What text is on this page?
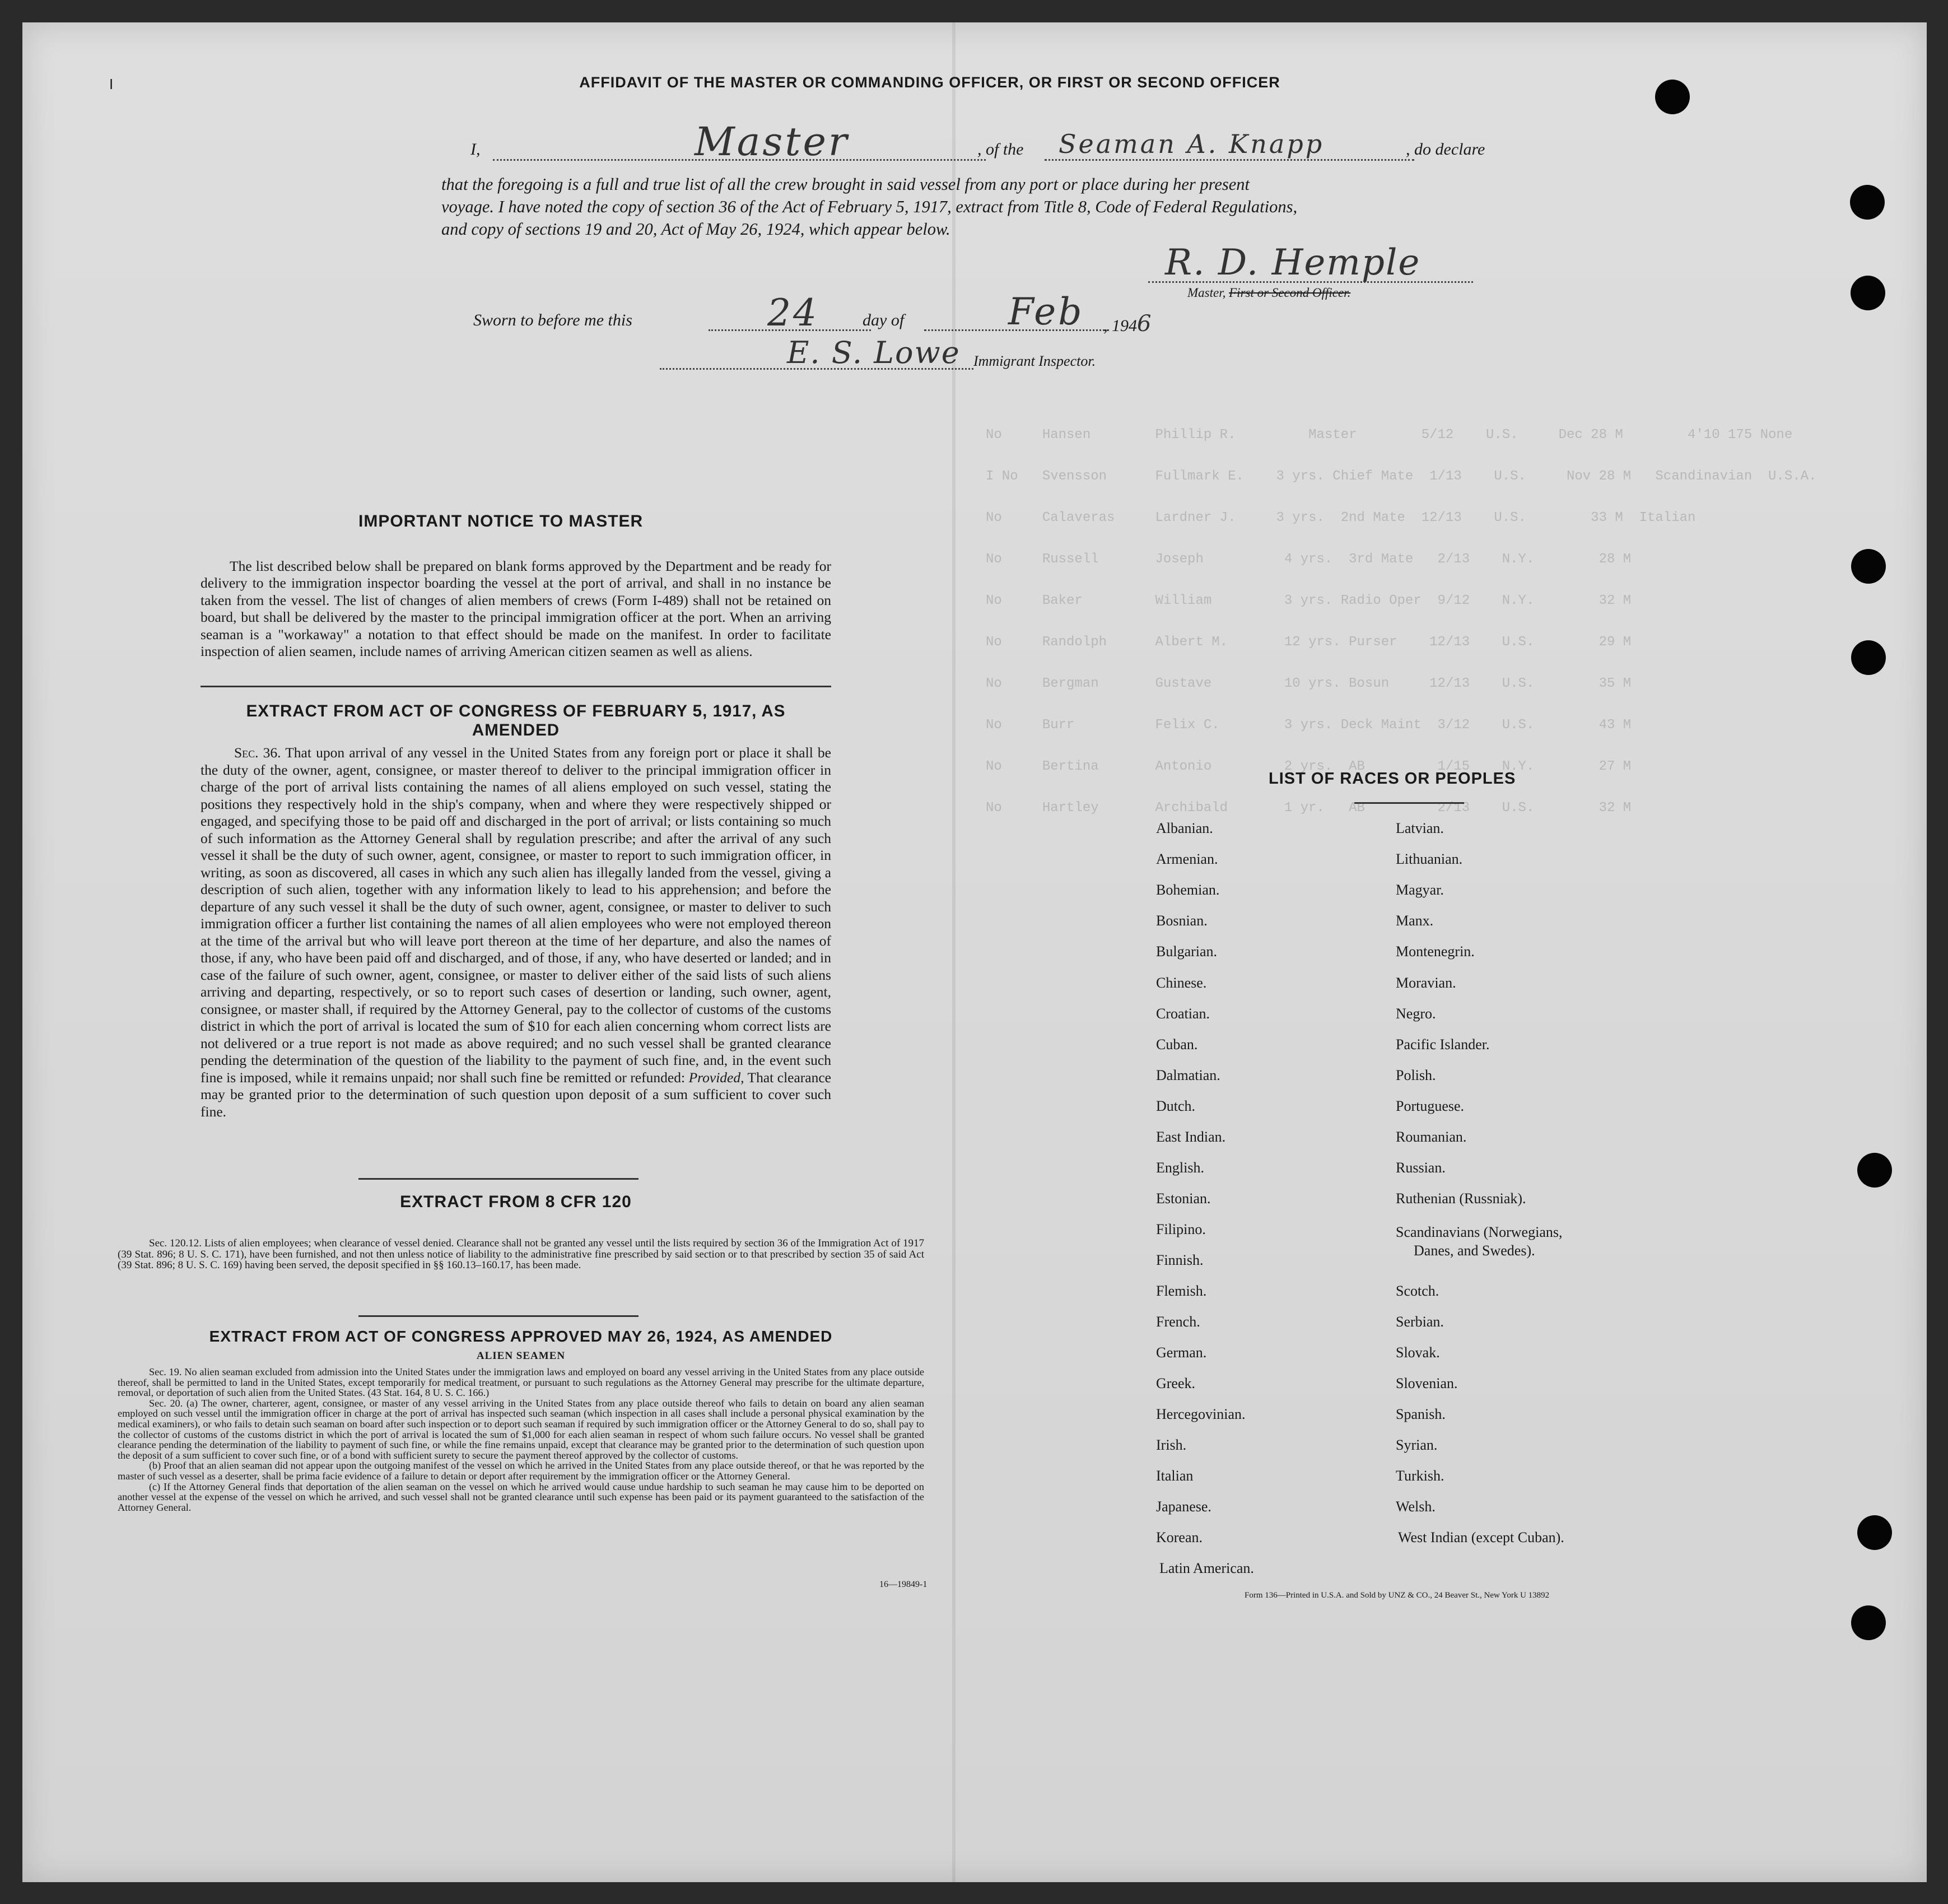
No     Hansen        Phillip R.         Master        5/12    U.S.     Dec 28 M        4'10 175 None
I No   Svensson      Fullmark E.    3 yrs. Chief Mate  1/13    U.S.     Nov 28 M   Scandinavian  U.S.A.
No     Calaveras     Lardner J.     3 yrs.  2nd Mate  12/13    U.S.        33 M  Italian
No     Russell       Joseph          4 yrs.  3rd Mate   2/13    N.Y.        28 M
No     Baker         William         3 yrs. Radio Oper  9/12    N.Y.        32 M
No     Randolph      Albert M.       12 yrs. Purser    12/13    U.S.        29 M
No     Bergman       Gustave         10 yrs. Bosun     12/13    U.S.        35 M
No     Burr          Felix C.        3 yrs. Deck Maint  3/12    U.S.        43 M
No     Bertina       Antonio         2 yrs.  AB         1/15    N.Y.        27 M
No     Hartley       Archibald       1 yr.   AB         2/13    U.S.        32 M
I	AFFIDAVIT OF THE MASTER OR COMMANDING OFFICER, OR FIRST OR SECOND OFFICER
I,	Master	, of the Seaman A. Knapp	, do declare
that the foregoing is a full and true list of all the crew brought in said vessel from any port or place during her present
voyage. I have noted the copy of section 36 of the Act of February 5, 1917, extract from Title 8, Code of Federal Regulations,
and copy of sections 19 and 20, Act of May 26, 1924, which appear below.
R. D. Hemple
Master, First or Second Officer.
Sworn to before me this	24	day of	Feb , 1946
E. S. Lowe Immigrant Inspector.
IMPORTANT NOTICE TO MASTER

The list described below shall be prepared on blank forms approved by the Department and be ready for delivery to the immigration inspector boarding the vessel at the port of arrival, and shall in no instance be taken from the vessel. The list of changes of alien members of crews (Form I-489) shall not be retained on board, but shall be delivered by the master to the principal immigration officer at the port. When an arriving seaman is a "workaway" a notation to that effect should be made on the manifest. In order to facilitate inspection of alien seamen, include names of arriving American citizen seamen as well as aliens.

EXTRACT FROM ACT OF CONGRESS OF FEBRUARY 5, 1917, AS AMENDED

Sec. 36. That upon arrival of any vessel in the United States from any foreign port or place it shall be the duty of the owner, agent, consignee, or master thereof to deliver to the principal immigration officer in charge of the port of arrival lists containing the names of all aliens employed on such vessel, stating the positions they respectively hold in the ship's company, when and where they were respectively shipped or engaged, and specifying those to be paid off and discharged in the port of arrival; or lists containing so much of such information as the Attorney General shall by regulation prescribe; and after the arrival of any such vessel it shall be the duty of such owner, agent, consignee, or master to report to such immigration officer, in writing, as soon as discovered, all cases in which any such alien has illegally landed from the vessel, giving a description of such alien, together with any information likely to lead to his apprehension; and before the departure of any such vessel it shall be the duty of such owner, agent, consignee, or master to deliver to such immigration officer a further list containing the names of all alien employees who were not employed thereon at the time of the arrival but who will leave port thereon at the time of her departure, and also the names of those, if any, who have been paid off and discharged, and of those, if any, who have deserted or landed; and in case of the failure of such owner, agent, consignee, or master to deliver either of the said lists of such aliens arriving and departing, respectively, or so to report such cases of desertion or landing, such owner, agent, consignee, or master shall, if required by the Attorney General, pay to the collector of customs of the customs district in which the port of arrival is located the sum of $10 for each alien concerning whom correct lists are not delivered or a true report is not made as above required; and no such vessel shall be granted clearance pending the determination of the question of the liability to the payment of such fine, and, in the event such fine is imposed, while it remains unpaid; nor shall such fine be remitted or refunded: Provided, That clearance may be granted prior to the determination of such question upon deposit of a sum sufficient to cover such fine.

EXTRACT FROM 8 CFR 120

Sec. 120.12. Lists of alien employees; when clearance of vessel denied. Clearance shall not be granted any vessel until the lists required by section 36 of the Immigration Act of 1917 (39 Stat. 896; 8 U. S. C. 171), have been furnished, and not then unless notice of liability to the administrative fine prescribed by said section or to that prescribed by section 35 of said Act (39 Stat. 896; 8 U. S. C. 169) having been served, the deposit specified in §§ 160.13–160.17, has been made.

EXTRACT FROM ACT OF CONGRESS APPROVED MAY 26, 1924, AS AMENDED
ALIEN SEAMEN

Sec. 19. No alien seaman excluded from admission into the United States under the immigration laws and employed on board any vessel arriving in the United States from any place outside thereof, shall be permitted to land in the United States, except temporarily for medical treatment, or pursuant to such regulations as the Attorney General may prescribe for the ultimate departure, removal, or deportation of such alien from the United States. (43 Stat. 164, 8 U. S. C. 166.)

Sec. 20. (a) The owner, charterer, agent, consignee, or master of any vessel arriving in the United States from any place outside thereof who fails to detain on board any alien seaman employed on such vessel until the immigration officer in charge at the port of arrival has inspected such seaman (which inspection in all cases shall include a personal physical examination by the medical examiners), or who fails to detain such seaman on board after such inspection or to deport such seaman if required by such immigration officer or the Attorney General to do so, shall pay to the collector of customs of the customs district in which the port of arrival is located the sum of $1,000 for each alien seaman in respect of whom such failure occurs. No vessel shall be granted clearance pending the determination of the liability to payment of such fine, or while the fine remains unpaid, except that clearance may be granted prior to the determination of such question upon the deposit of a sum sufficient to cover such fine, or of a bond with sufficient surety to secure the payment thereof approved by the collector of customs.

(b) Proof that an alien seaman did not appear upon the outgoing manifest of the vessel on which he arrived in the United States from any place outside thereof, or that he was reported by the master of such vessel as a deserter, shall be prima facie evidence of a failure to detain or deport after requirement by the immigration officer or the Attorney General.

(c) If the Attorney General finds that deportation of the alien seaman on the vessel on which he arrived would cause undue hardship to such seaman he may cause him to be deported on another vessel at the expense of the vessel on which he arrived, and such vessel shall not be granted clearance until such expense has been paid or its payment guaranteed to the satisfaction of the Attorney General.

16—19849-1
LIST OF RACES OR PEOPLES
Albanian.
Armenian.
Bohemian.
Bosnian.
Bulgarian.
Chinese.
Croatian.
Cuban.
Dalmatian.
Dutch.
East Indian.
English.
Estonian.
Filipino.
Finnish.
Flemish.
French.
German.
Greek.
Hercegovinian.
Irish.
Italian
Japanese.
Korean.
Latin American.
Latvian.
Lithuanian.
Magyar.
Manx.
Montenegrin.
Moravian.
Negro.
Pacific Islander.
Polish.
Portuguese.
Roumanian.
Russian.
Ruthenian (Russniak).
Scandinavians (Norwegians,
Danes, and Swedes).
Scotch.
Serbian.
Slovak.
Slovenian.
Spanish.
Syrian.
Turkish.
Welsh.
West Indian (except Cuban).
Form 136—Printed in U.S.A. and Sold by UNZ & CO., 24 Beaver St., New York U 13892
